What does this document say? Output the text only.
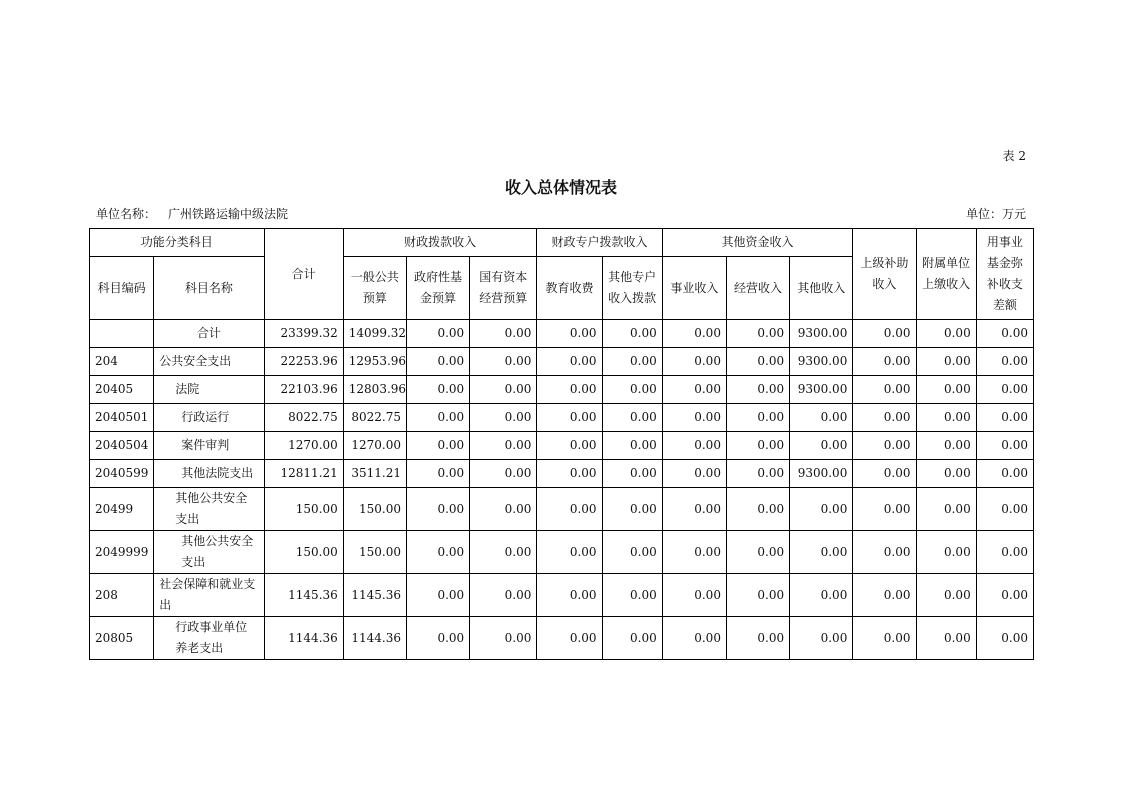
表 2
收入总体情况表
单位名称： 广州铁路运输中级法院	单位：万元
功能分类科目		合计	财政拨款收入			财政专户拨款收入		其他资金收入			上级补助收入	附属单位上缴收入	用事业基金弥补收支差额
科目编码	科目名称		一般公共预算	政府性基金预算	国有资本经营预算	教育收费	其他专户收入拨款	事业收入	经营收入	其他收入			
	合计	23399.32	14099.32	0.00	0.00	0.00	0.00	0.00	0.00	9300.00	0.00	0.00	0.00
204	公共安全支出	22253.96	12953.96	0.00	0.00	0.00	0.00	0.00	0.00	9300.00	0.00	0.00	0.00
20405	法院	22103.96	12803.96	0.00	0.00	0.00	0.00	0.00	0.00	9300.00	0.00	0.00	0.00
2040501	行政运行	8022.75	8022.75	0.00	0.00	0.00	0.00	0.00	0.00	0.00	0.00	0.00	0.00
2040504	案件审判	1270.00	1270.00	0.00	0.00	0.00	0.00	0.00	0.00	0.00	0.00	0.00	0.00
2040599	其他法院支出	12811.21	3511.21	0.00	0.00	0.00	0.00	0.00	0.00	9300.00	0.00	0.00	0.00
20499	其他公共安全支出	150.00	150.00	0.00	0.00	0.00	0.00	0.00	0.00	0.00	0.00	0.00	0.00
2049999	其他公共安全支出	150.00	150.00	0.00	0.00	0.00	0.00	0.00	0.00	0.00	0.00	0.00	0.00
208	社会保障和就业支出	1145.36	1145.36	0.00	0.00	0.00	0.00	0.00	0.00	0.00	0.00	0.00	0.00
20805	行政事业单位养老支出	1144.36	1144.36	0.00	0.00	0.00	0.00	0.00	0.00	0.00	0.00	0.00	0.00
